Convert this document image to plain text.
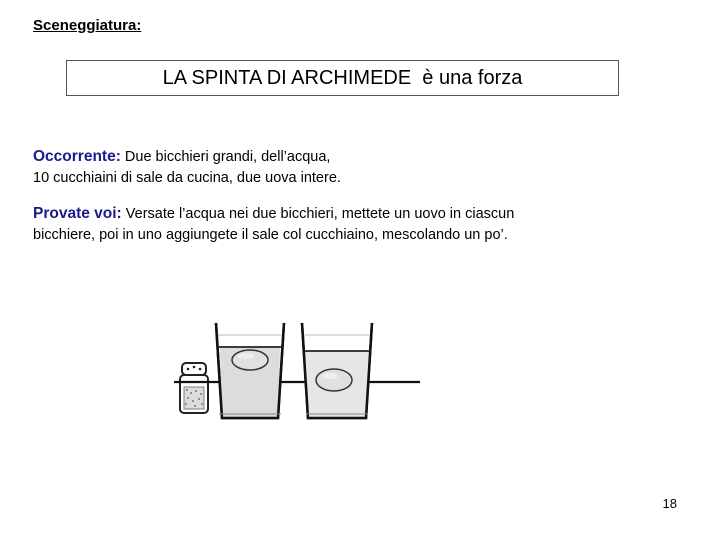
Sceneggiatura:
LA SPINTA DI ARCHIMEDE  è una forza
Occorrente: Due bicchieri grandi, dell’acqua,
10 cucchiaini di sale da cucina, due uova intere.
Provate voi: Versate l’acqua nei due bicchieri, mettete un uovo in ciascun
bicchiere, poi in uno aggiungete il sale col cucchiaino, mescolando un po’.
18
